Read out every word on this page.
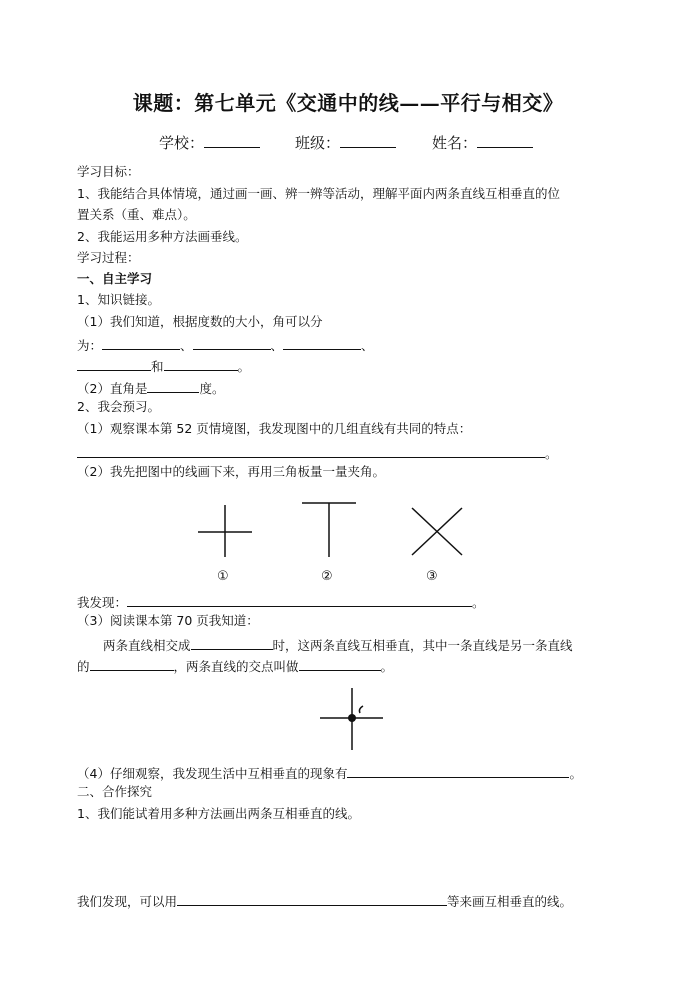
课题：第七单元《交通中的线——平行与相交》
学校：	班级：	姓名：
学习目标：
1、我能结合具体情境，通过画一画、辨一辨等活动，理解平面内两条直线互相垂直的位
置关系（重、难点）。
2、我能运用多种方法画垂线。
学习过程：
一、自主学习
1、知识链接。
（1）我们知道，根据度数的大小，角可以分
为：	、	、	、
和	。
（2）直角是	度。
2、我会预习。
（1）观察课本第 52 页情境图，我发现图中的几组直线有共同的特点：
。
（2）我先把图中的线画下来，再用三角板量一量夹角。
①	②	③
我发现：	。
（3）阅读课本第 70 页我知道：
两条直线相交成	时，这两条直线互相垂直，其中一条直线是另一条直线
的	，两条直线的交点叫做	。
（4）仔细观察，我发现生活中互相垂直的现象有	。
二、合作探究
1、我们能试着用多种方法画出两条互相垂直的线。
我们发现，可以用	等来画互相垂直的线。
